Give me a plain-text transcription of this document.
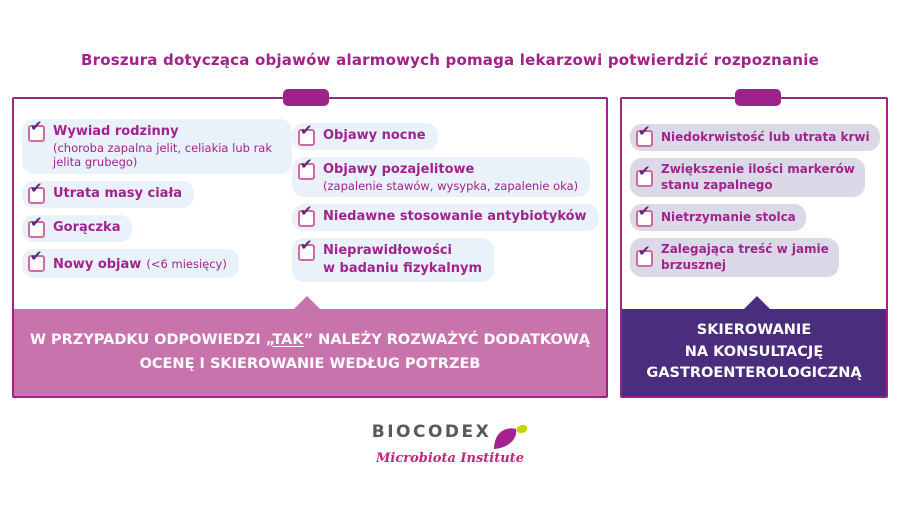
Broszura dotycząca objawów alarmowych pomaga lekarzowi potwierdzić rozpoznanie
✔ Wywiad rodzinny
(choroba zapalna jelit, celiakia lub rak jelita grubego)
✔ Utrata masy ciała
✔ Gorączka
✔ Nowy objaw (<6 miesięcy)
✔ Objawy nocne
✔ Objawy pozajelitowe
(zapalenie stawów, wysypka, zapalenie oka)
✔ Niedawne stosowanie antybiotyków
✔ Nieprawidłowości
w badaniu fizykalnym
W PRZYPADKU ODPOWIEDZI „TAK” NALEŻY ROZWAŻYĆ DODATKOWĄ
OCENĘ I SKIEROWANIE WEDŁUG POTRZEB
✔ Niedokrwistość lub utrata krwi
✔ Zwiększenie ilości markerów
stanu zapalnego
✔ Nietrzymanie stolca
✔ Zalegająca treść w jamie
brzusznej
SKIEROWANIE
NA KONSULTACJĘ
GASTROENTEROLOGICZNĄ
BIOCODEX
Microbiota Institute
